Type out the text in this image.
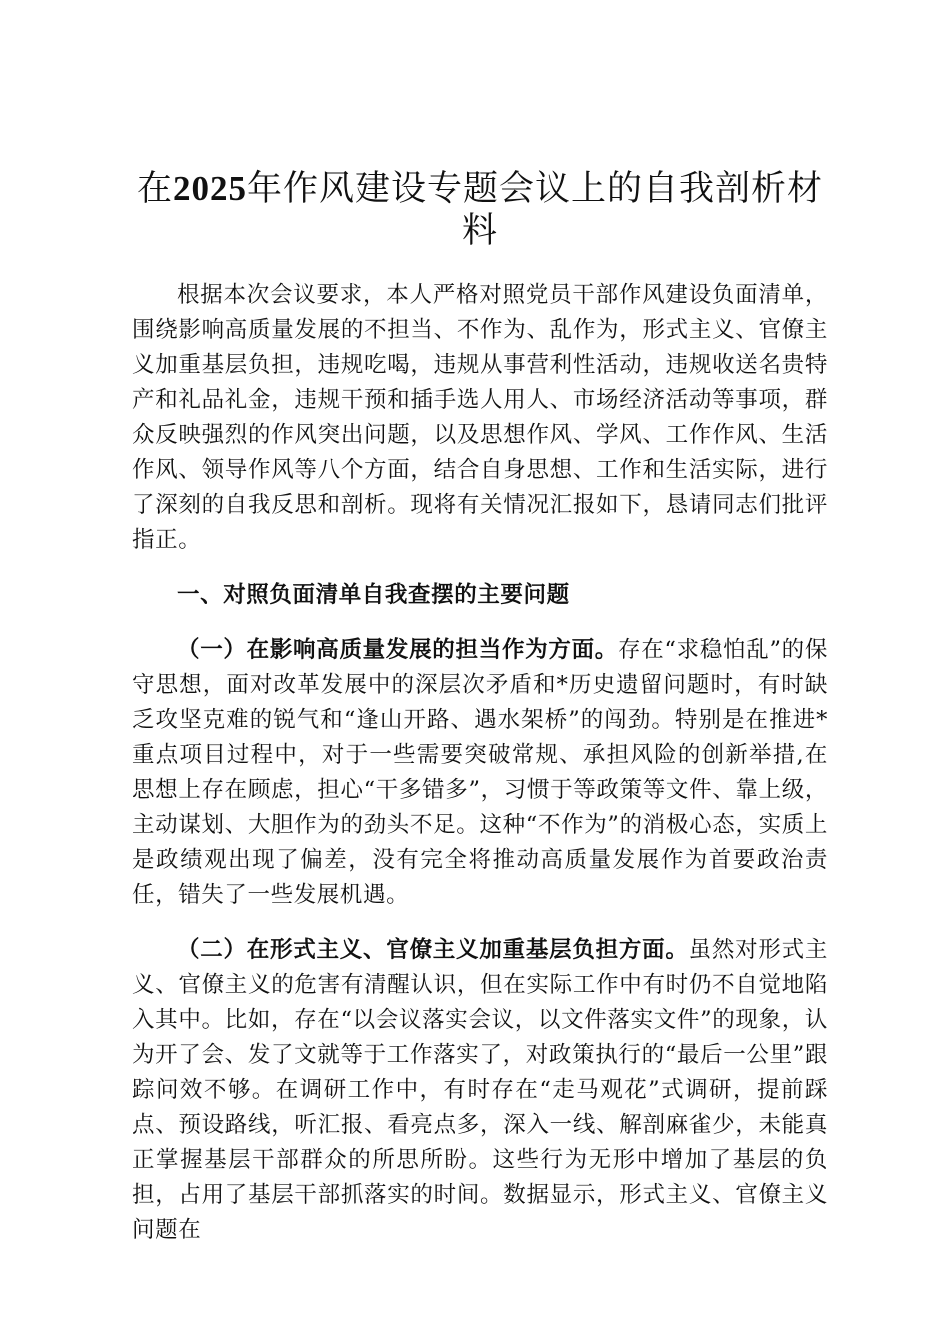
在2025年作风建设专题会议上的自我剖析材料

根据本次会议要求，本人严格对照党员干部作风建设负面清单，围绕影响高质量发展的不担当、不作为、乱作为，形式主义、官僚主义加重基层负担，违规吃喝，违规从事营利性活动，违规收送名贵特产和礼品礼金，违规干预和插手选人用人、市场经济活动等事项，群众反映强烈的作风突出问题，以及思想作风、学风、工作作风、生活作风、领导作风等八个方面，结合自身思想、工作和生活实际，进行了深刻的自我反思和剖析。现将有关情况汇报如下，恳请同志们批评指正。

一、对照负面清单自我查摆的主要问题

（一）在影响高质量发展的担当作为方面。存在“求稳怕乱”的保守思想，面对改革发展中的深层次矛盾和*历史遗留问题时，有时缺乏攻坚克难的锐气和“逢山开路、遇水架桥”的闯劲。特别是在推进*重点项目过程中，对于一些需要突破常规、承担风险的创新举措,在思想上存在顾虑，担心“干多错多”，习惯于等政策等文件、靠上级，主动谋划、大胆作为的劲头不足。这种“不作为”的消极心态，实质上是政绩观出现了偏差，没有完全将推动高质量发展作为首要政治责任，错失了一些发展机遇。

（二）在形式主义、官僚主义加重基层负担方面。虽然对形式主义、官僚主义的危害有清醒认识，但在实际工作中有时仍不自觉地陷入其中。比如，存在“以会议落实会议，以文件落实文件”的现象，认为开了会、发了文就等于工作落实了，对政策执行的“最后一公里”跟踪问效不够。在调研工作中，有时存在“走马观花”式调研，提前踩点、预设路线，听汇报、看亮点多，深入一线、解剖麻雀少，未能真正掌握基层干部群众的所思所盼。这些行为无形中增加了基层的负担，占用了基层干部抓落实的时间。数据显示，形式主义、官僚主义问题在
